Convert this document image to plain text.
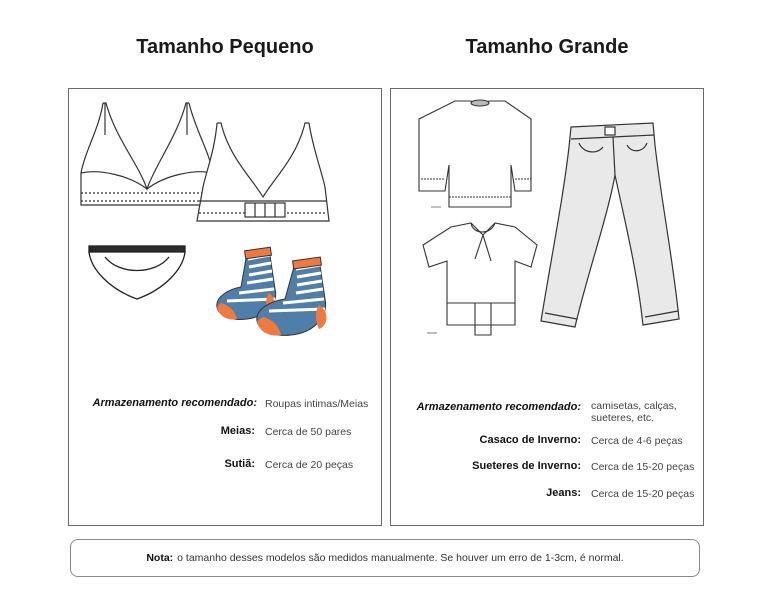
Tamanho Pequeno	Tamanho Grande
Armazenamento recomendado: Roupas intimas/Meias
Meias: Cerca de 50 pares
Sutiã: Cerca de 20 peças
Armazenamento recomendado: camisetas, calças,
sueteres, etc.
Casaco de Inverno: Cerca de 4-6 peças
Sueteres de Inverno: Cerca de 15-20 peças
Jeans: Cerca de 15-20 peças
Nota: o tamanho desses modelos são medidos manualmente. Se houver um erro de 1-3cm, é normal.
